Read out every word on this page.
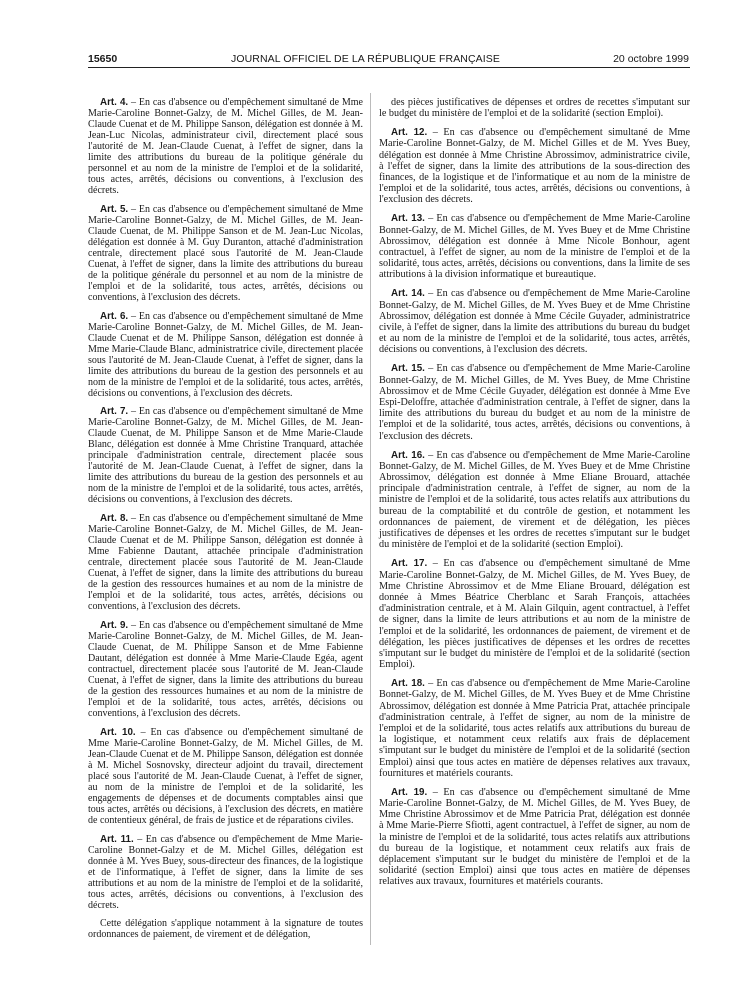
15650	JOURNAL OFFICIEL DE LA RÉPUBLIQUE FRANÇAISE	20 octobre 1999

Art. 4. – En cas d'absence ou d'empêchement simultané de Mme Marie-Caroline Bonnet-Galzy, de M. Michel Gilles, de M. Jean-Claude Cuenat et de M. Philippe Sanson, délégation est donnée à M. Jean-Luc Nicolas, administrateur civil, directement placé sous l'autorité de M. Jean-Claude Cuenat, à l'effet de signer, dans la limite des attributions du bureau de la politique générale du personnel et au nom de la ministre de l'emploi et de la solidarité, tous actes, arrêtés, décisions ou conventions, à l'exclusion des décrets.

Art. 5. – En cas d'absence ou d'empêchement simultané de Mme Marie-Caroline Bonnet-Galzy, de M. Michel Gilles, de M. Jean-Claude Cuenat, de M. Philippe Sanson et de M. Jean-Luc Nicolas, délégation est donnée à M. Guy Duranton, attaché d'administration centrale, directement placé sous l'autorité de M. Jean-Claude Cuenat, à l'effet de signer, dans la limite des attributions du bureau de la politique générale du personnel et au nom de la ministre de l'emploi et de la solidarité, tous actes, arrêtés, décisions ou conventions, à l'exclusion des décrets.

Art. 6. – En cas d'absence ou d'empêchement simultané de Mme Marie-Caroline Bonnet-Galzy, de M. Michel Gilles, de M. Jean-Claude Cuenat et de M. Philippe Sanson, délégation est donnée à Mme Marie-Claude Blanc, administratrice civile, directement placée sous l'autorité de M. Jean-Claude Cuenat, à l'effet de signer, dans la limite des attributions du bureau de la gestion des personnels et au nom de la ministre de l'emploi et de la solidarité, tous actes, arrêtés, décisions ou conventions, à l'exclusion des décrets.

Art. 7. – En cas d'absence ou d'empêchement simultané de Mme Marie-Caroline Bonnet-Galzy, de M. Michel Gilles, de M. Jean-Claude Cuenat, de M. Philippe Sanson et de Mme Marie-Claude Blanc, délégation est donnée à Mme Christine Tranquard, attachée principale d'administration centrale, directement placée sous l'autorité de M. Jean-Claude Cuenat, à l'effet de signer, dans la limite des attributions du bureau de la gestion des personnels et au nom de la ministre de l'emploi et de la solidarité, tous actes, arrêtés, décisions ou conventions, à l'exclusion des décrets.

Art. 8. – En cas d'absence ou d'empêchement simultané de Mme Marie-Caroline Bonnet-Galzy, de M. Michel Gilles, de M. Jean-Claude Cuenat et de M. Philippe Sanson, délégation est donnée à Mme Fabienne Dautant, attachée principale d'administration centrale, directement placée sous l'autorité de M. Jean-Claude Cuenat, à l'effet de signer, dans la limite des attributions du bureau de la gestion des ressources humaines et au nom de la ministre de l'emploi et de la solidarité, tous actes, arrêtés, décisions ou conventions, à l'exclusion des décrets.

Art. 9. – En cas d'absence ou d'empêchement simultané de Mme Marie-Caroline Bonnet-Galzy, de M. Michel Gilles, de M. Jean-Claude Cuenat, de M. Philippe Sanson et de Mme Fabienne Dautant, délégation est donnée à Mme Marie-Claude Egéa, agent contractuel, directement placée sous l'autorité de M. Jean-Claude Cuenat, à l'effet de signer, dans la limite des attributions du bureau de la gestion des ressources humaines et au nom de la ministre de l'emploi et de la solidarité, tous actes, arrêtés, décisions ou conventions, à l'exclusion des décrets.

Art. 10. – En cas d'absence ou d'empêchement simultané de Mme Marie-Caroline Bonnet-Galzy, de M. Michel Gilles, de M. Jean-Claude Cuenat et de M. Philippe Sanson, délégation est donnée à M. Michel Sosnovsky, directeur adjoint du travail, directement placé sous l'autorité de M. Jean-Claude Cuenat, à l'effet de signer, au nom de la ministre de l'emploi et de la solidarité, les engagements de dépenses et de documents comptables ainsi que tous actes, arrêtés ou décisions, à l'exclusion des décrets, en matière de contentieux général, de frais de justice et de réparations civiles.

Art. 11. – En cas d'absence ou d'empêchement de Mme Marie-Caroline Bonnet-Galzy et de M. Michel Gilles, délégation est donnée à M. Yves Buey, sous-directeur des finances, de la logistique et de l'informatique, à l'effet de signer, dans la limite de ses attributions et au nom de la ministre de l'emploi et de la solidarité, tous actes, arrêtés, décisions ou conventions, à l'exclusion des décrets.

Cette délégation s'applique notamment à la signature de toutes ordonnances de paiement, de virement et de délégation,

des pièces justificatives de dépenses et ordres de recettes s'imputant sur le budget du ministère de l'emploi et de la solidarité (section Emploi).

Art. 12. – En cas d'absence ou d'empêchement simultané de Mme Marie-Caroline Bonnet-Galzy, de M. Michel Gilles et de M. Yves Buey, délégation est donnée à Mme Christine Abrossimov, administratrice civile, à l'effet de signer, dans la limite des attributions de la sous-direction des finances, de la logistique et de l'informatique et au nom de la ministre de l'emploi et de la solidarité, tous actes, arrêtés, décisions ou conventions, à l'exclusion des décrets.

Art. 13. – En cas d'absence ou d'empêchement de Mme Marie-Caroline Bonnet-Galzy, de M. Michel Gilles, de M. Yves Buey et de Mme Christine Abrossimov, délégation est donnée à Mme Nicole Bonhour, agent contractuel, à l'effet de signer, au nom de la ministre de l'emploi et de la solidarité, tous actes, arrêtés, décisions ou conventions, dans la limite de ses attributions à la division informatique et bureautique.

Art. 14. – En cas d'absence ou d'empêchement de Mme Marie-Caroline Bonnet-Galzy, de M. Michel Gilles, de M. Yves Buey et de Mme Christine Abrossimov, délégation est donnée à Mme Cécile Guyader, administratrice civile, à l'effet de signer, dans la limite des attributions du bureau du budget et au nom de la ministre de l'emploi et de la solidarité, tous actes, arrêtés, décisions ou conventions, à l'exclusion des décrets.

Art. 15. – En cas d'absence ou d'empêchement de Mme Marie-Caroline Bonnet-Galzy, de M. Michel Gilles, de M. Yves Buey, de Mme Christine Abrossimov et de Mme Cécile Guyader, délégation est donnée à Mme Eve Espi-Deloffre, attachée d'administration centrale, à l'effet de signer, dans la limite des attributions du bureau du budget et au nom de la ministre de l'emploi et de la solidarité, tous actes, arrêtés, décisions ou conventions, à l'exclusion des décrets.

Art. 16. – En cas d'absence ou d'empêchement de Mme Marie-Caroline Bonnet-Galzy, de M. Michel Gilles, de M. Yves Buey et de Mme Christine Abrossimov, délégation est donnée à Mme Eliane Brouard, attachée principale d'administration centrale, à l'effet de signer, au nom de la ministre de l'emploi et de la solidarité, tous actes relatifs aux attributions du bureau de la comptabilité et du contrôle de gestion, et notamment les ordonnances de paiement, de virement et de délégation, les pièces justificatives de dépenses et les ordres de recettes s'imputant sur le budget du ministère de l'emploi et de la solidarité (section Emploi).

Art. 17. – En cas d'absence ou d'empêchement simultané de Mme Marie-Caroline Bonnet-Galzy, de M. Michel Gilles, de M. Yves Buey, de Mme Christine Abrossimov et de Mme Eliane Brouard, délégation est donnée à Mmes Béatrice Cherblanc et Sarah François, attachées d'administration centrale, et à M. Alain Gilquin, agent contractuel, à l'effet de signer, dans la limite de leurs attributions et au nom de la ministre de l'emploi et de la solidarité, les ordonnances de paiement, de virement et de délégation, les pièces justificatives de dépenses et les ordres de recettes s'imputant sur le budget du ministère de l'emploi et de la solidarité (section Emploi).

Art. 18. – En cas d'absence ou d'empêchement de Mme Marie-Caroline Bonnet-Galzy, de M. Michel Gilles, de M. Yves Buey et de Mme Christine Abrossimov, délégation est donnée à Mme Patricia Prat, attachée principale d'administration centrale, à l'effet de signer, au nom de la ministre de l'emploi et de la solidarité, tous actes relatifs aux attributions du bureau de la logistique, et notamment ceux relatifs aux frais de déplacement s'imputant sur le budget du ministère de l'emploi et de la solidarité (section Emploi) ainsi que tous actes en matière de dépenses relatives aux travaux, fournitures et matériels courants.

Art. 19. – En cas d'absence ou d'empêchement simultané de Mme Marie-Caroline Bonnet-Galzy, de M. Michel Gilles, de M. Yves Buey, de Mme Christine Abrossimov et de Mme Patricia Prat, délégation est donnée à Mme Marie-Pierre Sfiotti, agent contractuel, à l'effet de signer, au nom de la ministre de l'emploi et de la solidarité, tous actes relatifs aux attributions du bureau de la logistique, et notamment ceux relatifs aux frais de déplacement s'imputant sur le budget du ministère de l'emploi et de la solidarité (section Emploi) ainsi que tous actes en matière de dépenses relatives aux travaux, fournitures et matériels courants.
